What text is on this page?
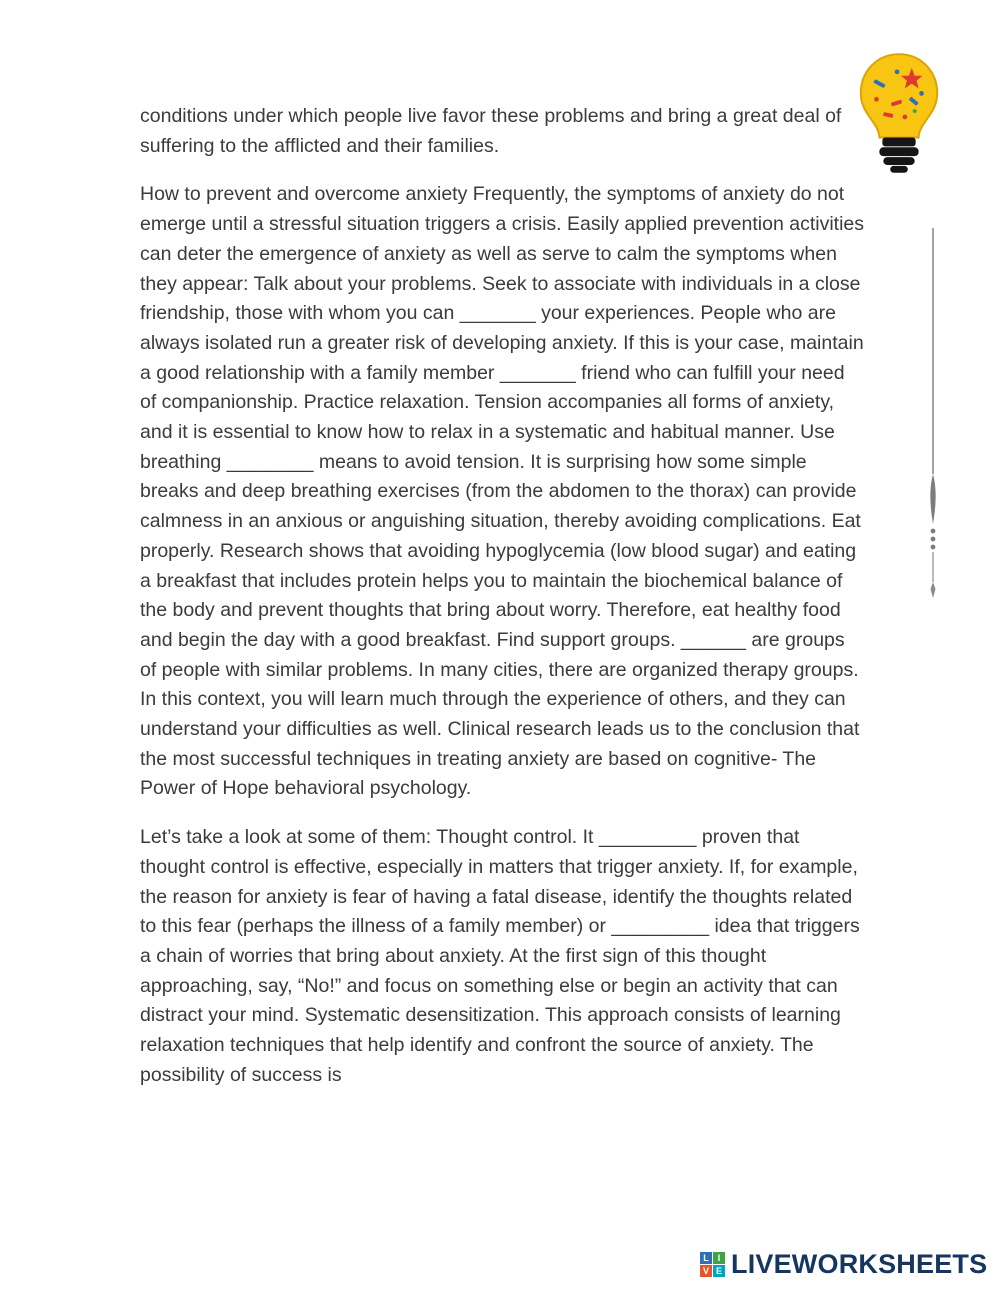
conditions under which people live favor these problems and bring a great deal of suffering to the afflicted and their families.

How to prevent and overcome anxiety Frequently, the symptoms of anxiety do not emerge until a stressful situation triggers a crisis. Easily applied prevention activities can deter the emergence of anxiety as well as serve to calm the symptoms when they appear: Talk about your problems. Seek to associate with individuals in a close friendship, those with whom you can _______ your experiences. People who are always isolated run a greater risk of developing anxiety. If this is your case, maintain a good relationship with a family member _______ friend who can fulfill your need of companionship. Practice relaxation. Tension accompanies all forms of anxiety, and it is essential to know how to relax in a systematic and habitual manner. Use breathing ________ means to avoid tension. It is surprising how some simple breaks and deep breathing exercises (from the abdomen to the thorax) can provide calmness in an anxious or anguishing situation, thereby avoiding complications. Eat properly. Research shows that avoiding hypoglycemia (low blood sugar) and eating a breakfast that includes protein helps you to maintain the biochemical balance of the body and prevent thoughts that bring about worry. Therefore, eat healthy food and begin the day with a good breakfast. Find support groups. ______ are groups of people with similar problems. In many cities, there are organized therapy groups. In this context, you will learn much through the experience of others, and they can understand your difficulties as well. Clinical research leads us to the conclusion that the most successful techniques in treating anxiety are based on cognitive- The Power of Hope behavioral psychology.

Let’s take a look at some of them: Thought control. It _________ proven that thought control is effective, especially in matters that trigger anxiety. If, for example, the reason for anxiety is fear of having a fatal disease, identify the thoughts related to this fear (perhaps the illness of a family member) or _________ idea that triggers a chain of worries that bring about anxiety. At the first sign of this thought approaching, say, “No!” and focus on something else or begin an activity that can distract your mind. Systematic desensitization. This approach consists of learning relaxation techniques that help identify and confront the source of anxiety. The possibility of success is

L I
V E LIVEWORKSHEETS
